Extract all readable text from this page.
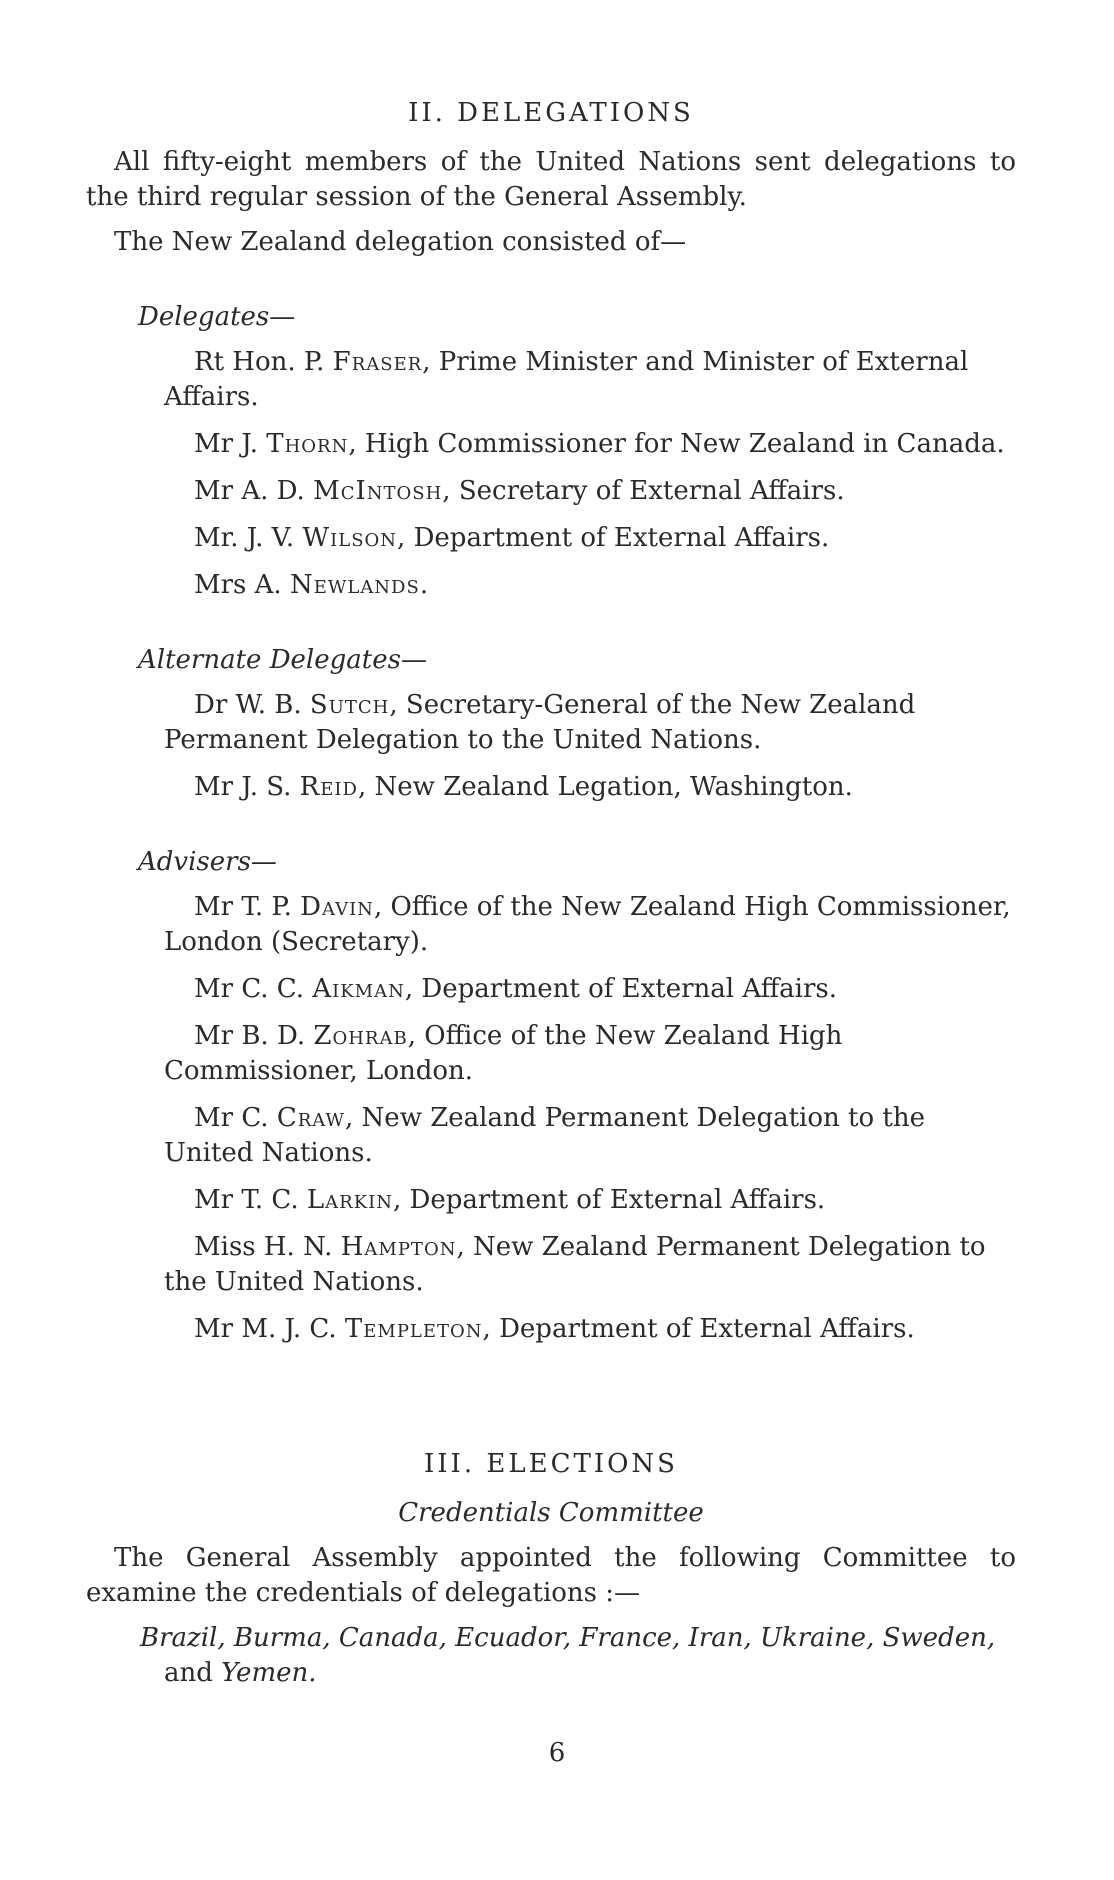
II. DELEGATIONS

All fifty-eight members of the United Nations sent delegations to the third regular session of the General Assembly.

The New Zealand delegation consisted of—

Delegates—
Rt Hon. P. Fraser, Prime Minister and Minister of External Affairs.
Mr J. Thorn, High Commissioner for New Zealand in Canada.
Mr A. D. McIntosh, Secretary of External Affairs.
Mr. J. V. Wilson, Department of External Affairs.
Mrs A. Newlands.
Alternate Delegates—
Dr W. B. Sutch, Secretary-General of the New Zealand Permanent Delegation to the United Nations.
Mr J. S. Reid, New Zealand Legation, Washington.
Advisers—
Mr T. P. Davin, Office of the New Zealand High Commissioner, London (Secretary).
Mr C. C. Aikman, Department of External Affairs.
Mr B. D. Zohrab, Office of the New Zealand High Commissioner, London.
Mr C. Craw, New Zealand Permanent Delegation to the United Nations.
Mr T. C. Larkin, Department of External Affairs.
Miss H. N. Hampton, New Zealand Permanent Delegation to the United Nations.
Mr M. J. C. Templeton, Department of External Affairs.
III. ELECTIONS
Credentials Committee

The General Assembly appointed the following Committee to examine the credentials of delegations :—

Brazil, Burma, Canada, Ecuador, France, Iran, Ukraine, Sweden,
and Yemen.
6
